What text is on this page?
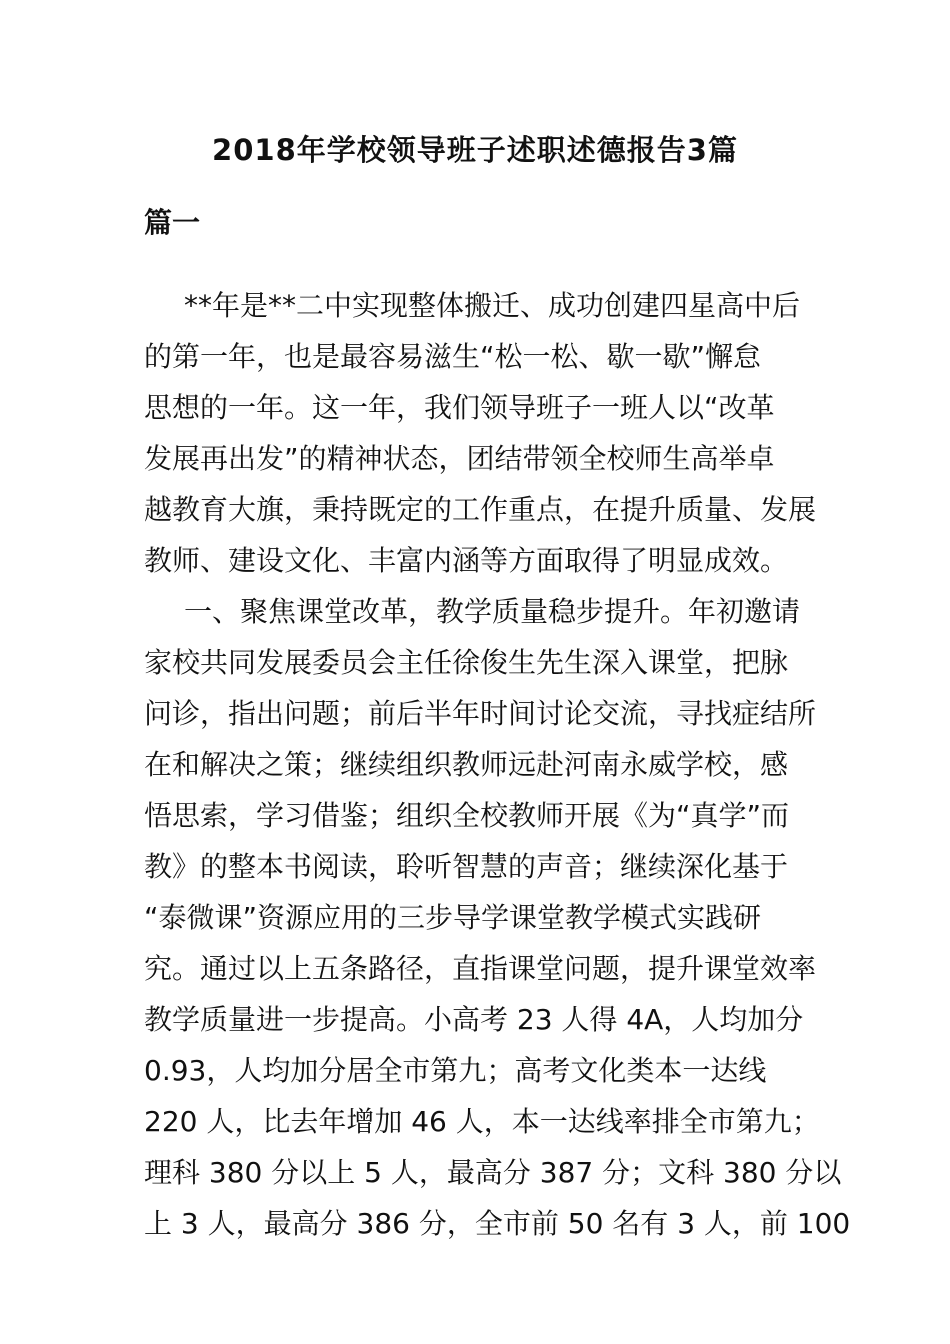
2018年学校领导班子述职述德报告3篇
篇一
**年是**二中实现整体搬迁、成功创建四星高中后
的第一年，也是最容易滋生“松一松、歇一歇”懈怠
思想的一年。这一年，我们领导班子一班人以“改革
发展再出发”的精神状态，团结带领全校师生高举卓
越教育大旗，秉持既定的工作重点，在提升质量、发展
教师、建设文化、丰富内涵等方面取得了明显成效。
一、聚焦课堂改革，教学质量稳步提升。年初邀请
家校共同发展委员会主任徐俊生先生深入课堂，把脉
问诊，指出问题；前后半年时间讨论交流，寻找症结所
在和解决之策；继续组织教师远赴河南永威学校，感
悟思索，学习借鉴；组织全校教师开展《为“真学”而
教》的整本书阅读，聆听智慧的声音；继续深化基于
“泰微课”资源应用的三步导学课堂教学模式实践研
究。通过以上五条路径，直指课堂问题，提升课堂效率
教学质量进一步提高。小高考 23 人得 4A，人均加分
0.93，人均加分居全市第九；高考文化类本一达线
220 人，比去年增加 46 人，本一达线率排全市第九；
理科 380 分以上 5 人，最高分 387 分；文科 380 分以
上 3 人，最高分 386 分，全市前 50 名有 3 人，前 100
